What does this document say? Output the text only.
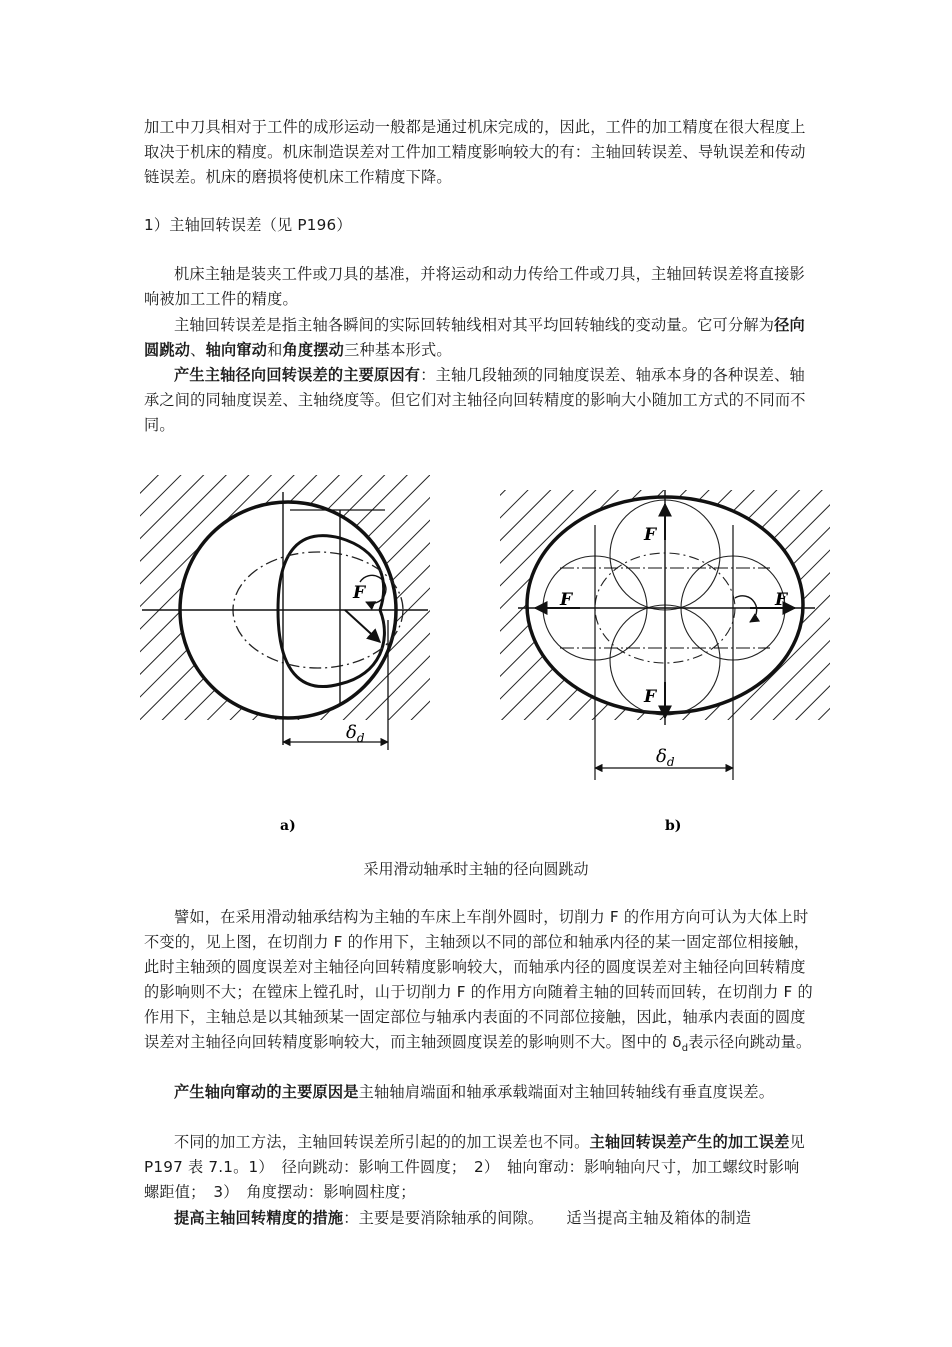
加工中刀具相对于工件的成形运动一般都是通过机床完成的，因此，工件的加工精度在很大程度上取决于机床的精度。机床制造误差对工件加工精度影响较大的有：主轴回转误差、导轨误差和传动链误差。机床的磨损将使机床工作精度下降。

1）主轴回转误差（见 P196）

机床主轴是装夹工件或刀具的基准，并将运动和动力传给工件或刀具，主轴回转误差将直接影响被加工工件的精度。

主轴回转误差是指主轴各瞬间的实际回转轴线相对其平均回转轴线的变动量。它可分解为径向圆跳动、轴向窜动和角度摆动三种基本形式。

产生主轴径向回转误差的主要原因有：主轴几段轴颈的同轴度误差、轴承本身的各种误差、轴承之间的同轴度误差、主轴绕度等。但它们对主轴径向回转精度的影响大小随加工方式的不同而不同。

F
$\delta_d$
a)
F
F
F	F
$\delta_d$
b)
采用滑动轴承时主轴的径向圆跳动

譬如，在采用滑动轴承结构为主轴的车床上车削外圆时，切削力 F 的作用方向可认为大体上时不变的，见上图，在切削力 F 的作用下，主轴颈以不同的部位和轴承内径的某一固定部位相接触，此时主轴颈的圆度误差对主轴径向回转精度影响较大，而轴承内径的圆度误差对主轴径向回转精度的影响则不大；在镗床上镗孔时，山于切削力 F 的作用方向随着主轴的回转而回转，在切削力 F 的作用下，主轴总是以其轴颈某一固定部位与轴承内表面的不同部位接触，因此，轴承内表面的圆度误差对主轴径向回转精度影响较大，而主轴颈圆度误差的影响则不大。图中的 $\delta_d$表示径向跳动量。

产生轴向窜动的主要原因是主轴轴肩端面和轴承承载端面对主轴回转轴线有垂直度误差。

不同的加工方法，主轴回转误差所引起的的加工误差也不同。主轴回转误差产生的加工误差见 P197 表 7.1。1）　径向跳动：影响工件圆度；　2）　轴向窜动：影响轴向尺寸，加工螺纹时影响螺距值；　3）　角度摆动：影响圆柱度；

提高主轴回转精度的措施：主要是要消除轴承的间隙。　　适当提高主轴及箱体的制造
